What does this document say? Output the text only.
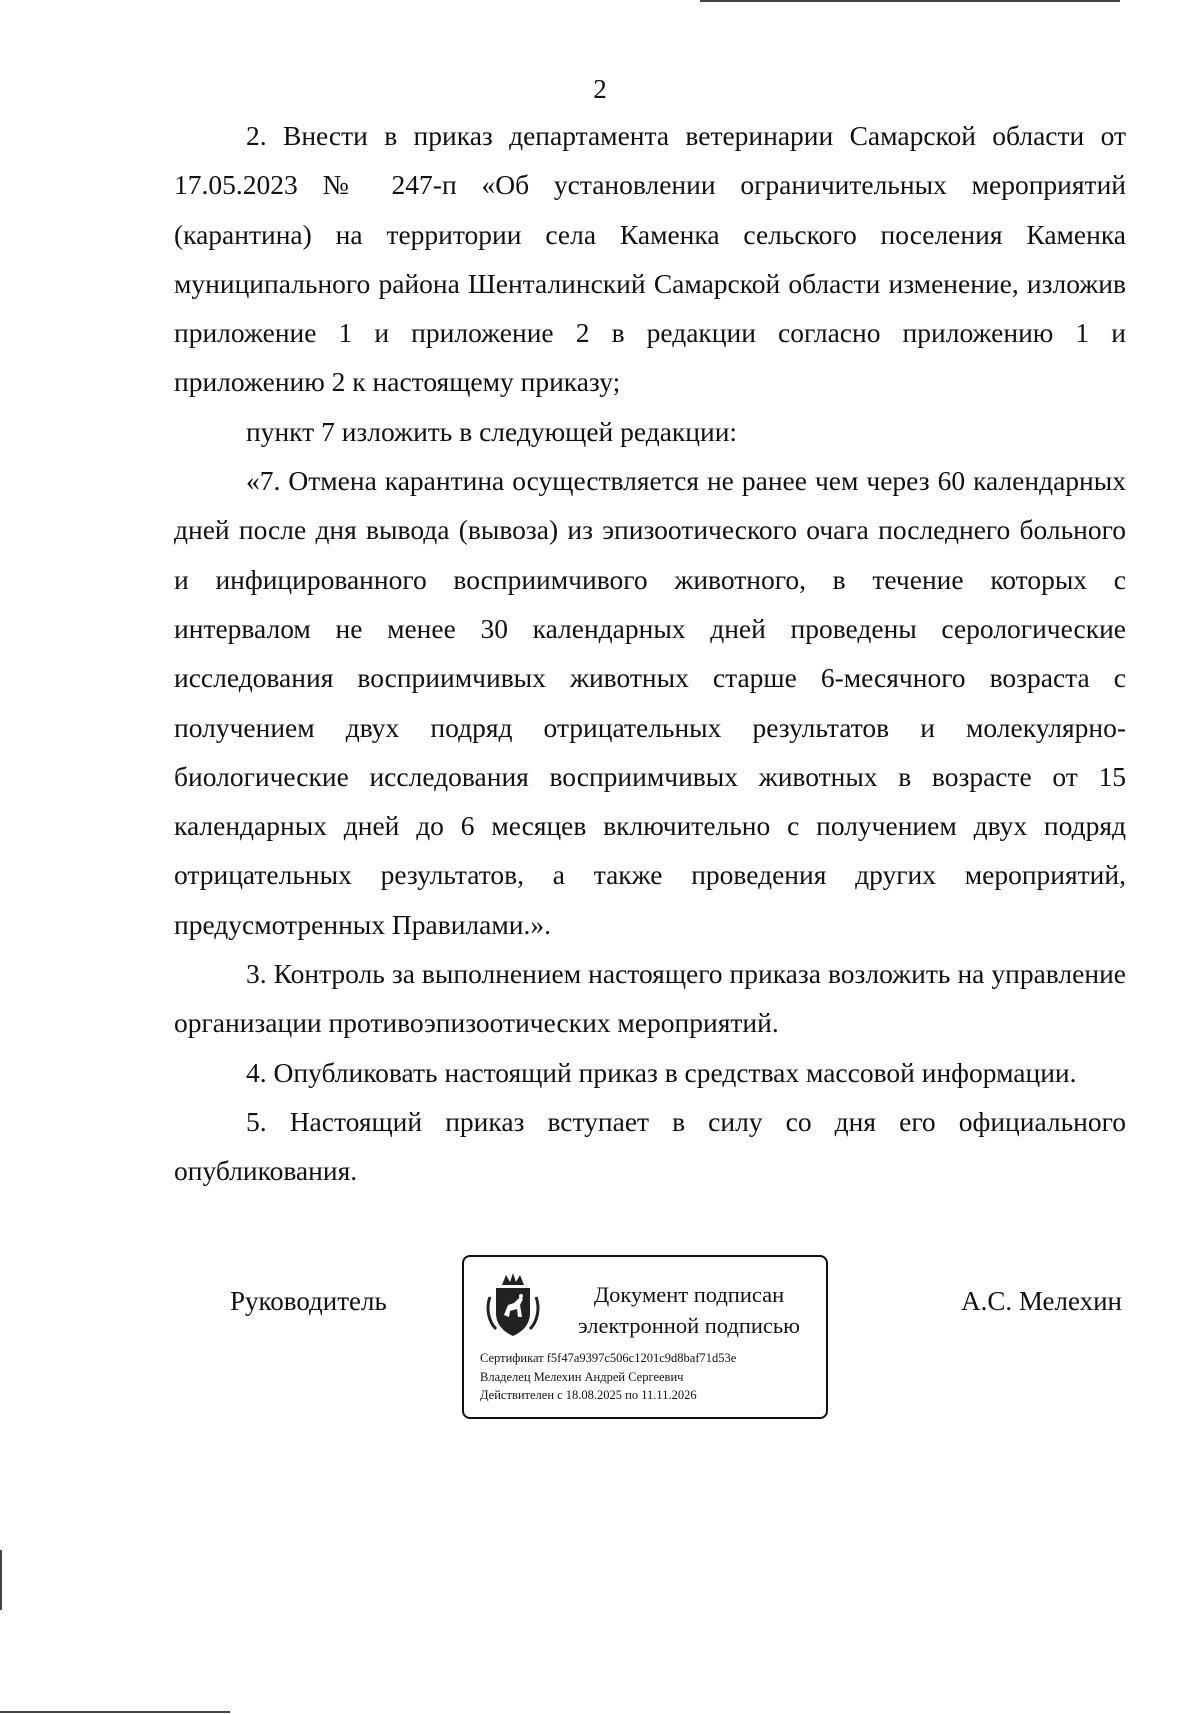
2

2. Внести в приказ департамента ветеринарии Самарской области от 17.05.2023 № 247-п «Об установлении ограничительных мероприятий (карантина) на территории села Каменка сельского поселения Каменка муниципального района Шенталинский Самарской области изменение, изложив приложение 1 и приложение 2 в редакции согласно приложению 1 и приложению 2 к настоящему приказу;

пункт 7 изложить в следующей редакции:

«7. Отмена карантина осуществляется не ранее чем через 60 календарных дней после дня вывода (вывоза) из эпизоотического очага последнего больного и инфицированного восприимчивого животного, в течение которых с интервалом не менее 30 календарных дней проведены серологические исследования восприимчивых животных старше 6-месячного возраста с получением двух подряд отрицательных результатов и молекулярно-биологические исследования восприимчивых животных в возрасте от 15 календарных дней до 6 месяцев включительно с получением двух подряд отрицательных результатов, а также проведения других мероприятий, предусмотренных Правилами.».

3. Контроль за выполнением настоящего приказа возложить на управление организации противоэпизоотических мероприятий.

4. Опубликовать настоящий приказ в средствах массовой информации.

5. Настоящий приказ вступает в силу со дня его официального опубликования.

Руководитель	Документ подписан
электронной подписью
Сертификат f5f47a9397c506c1201c9d8baf71d53e
Владелец Мелехин Андрей Сергеевич
Действителен с 18.08.2025 по 11.11.2026
А.С. Мелехин
